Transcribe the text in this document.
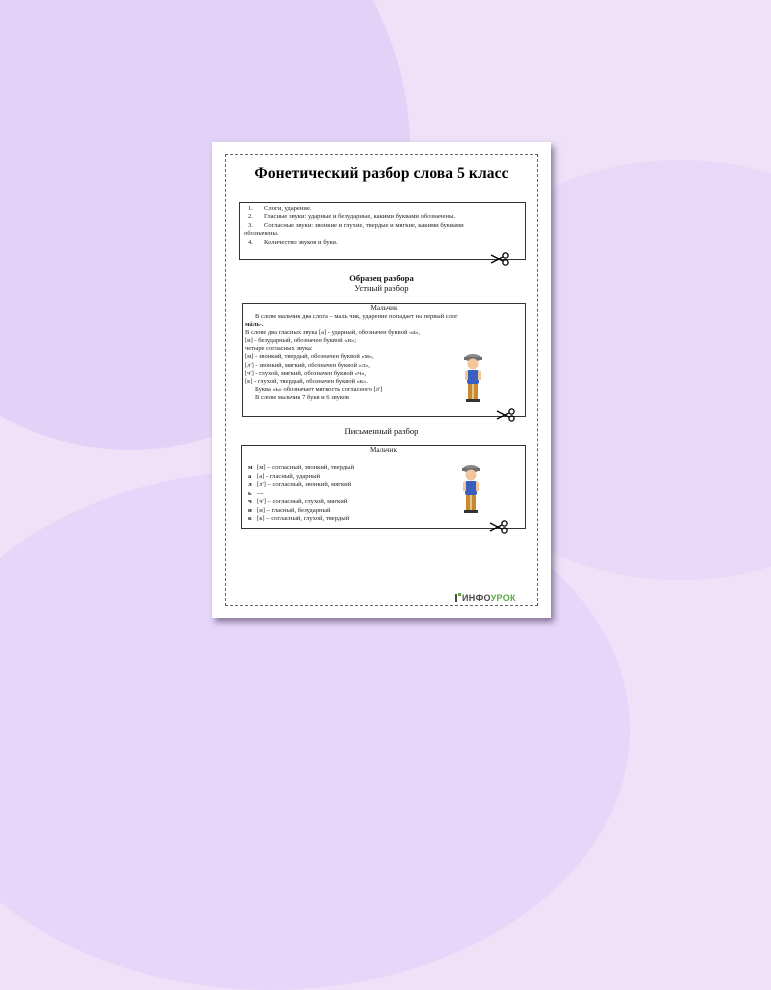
Фонетический разбор слова 5 класс
1. Слоги, ударение.
2. Гласные звуки: ударные и безударные, какими буквами обозначены.
3. Согласные звуки: звонкие и глухие, твердые и мягкие, какими буквами
обозначены.
4. Количество звуков и букв.
Образец разбора
Устный разбор
Мальчик
В слове мальчик два слога – маль чик, ударение попадает на первый слог
мáль-.
В слове два гласных звука [а] - ударный, обозначен буквой «а»,
[и] - безударный, обозначен буквой «и»;
четыре согласных звука:
[м] - звонкий, твердый, обозначен буквой «м»,
[л'] - звонкий, мягкий, обозначен буквой «л»,
[ч'] - глухой, мягкий, обозначен буквой «ч»,
[к] - глухой, твердый, обозначен буквой «к».
Буква «ь» обозначает мягкость согласного [л']
В слове мальчик 7 букв и 6 звуков
Письменный разбор
Мальчик
м [м] – согласный, звонкий, твердый
а [а] - гласный, ударный
л [л'] – согласный, звонкий, мягкий
ь ---
ч [ч'] – согласный, глухой, мягкий
и [и] – гласный, безударный
к [к] – согласный, глухой, твердый
ИНФОУРОК
